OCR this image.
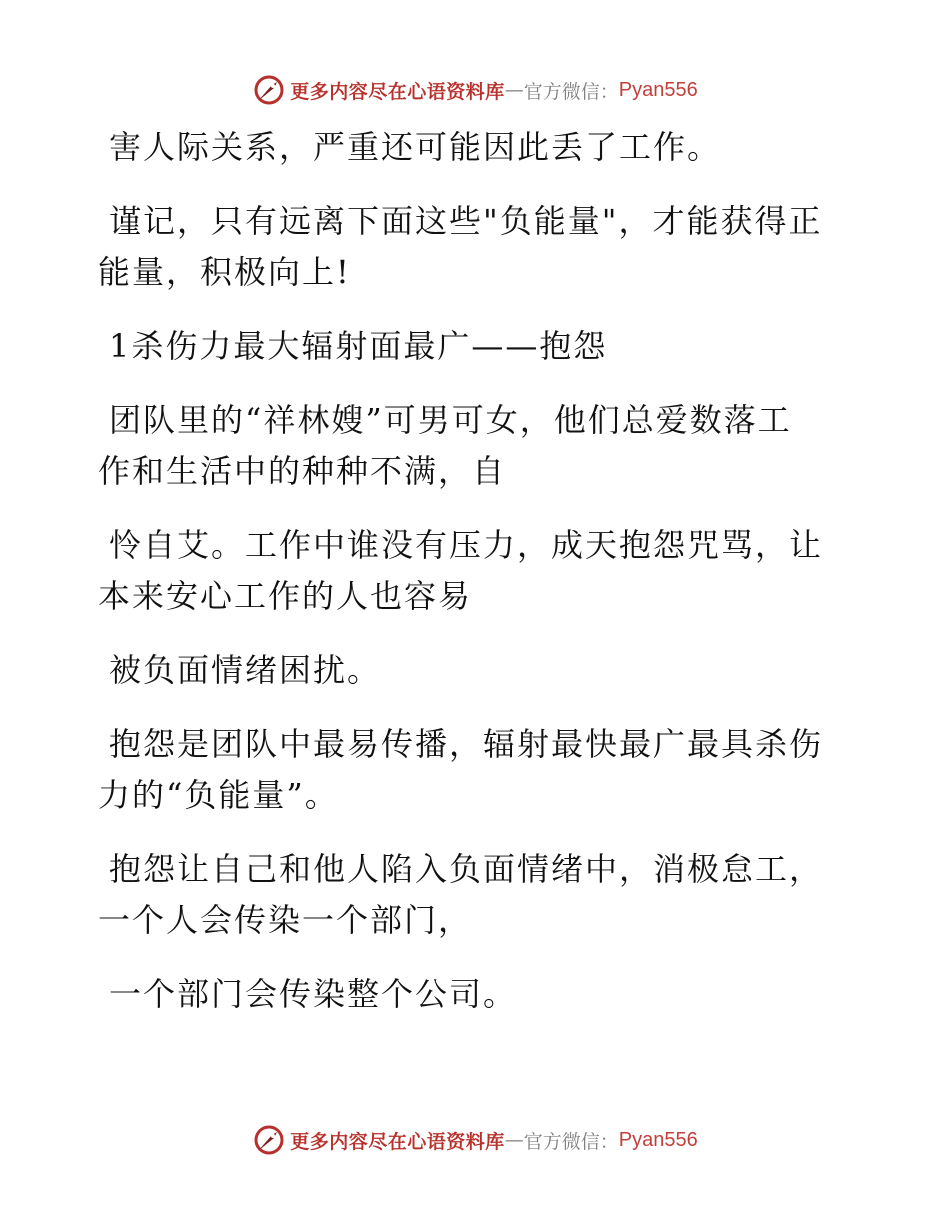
更多内容尽在心语资料库 — 官方微信： Pyan556

害人际关系，严重还可能因此丢了工作。

谨记，只有远离下面这些"负能量"，才能获得正
能量，积极向上!

1杀伤力最大辐射面最广——抱怨

团队里的“祥林嫂”可男可女，他们总爱数落工
作和生活中的种种不满，自

怜自艾。工作中谁没有压力，成天抱怨咒骂，让
本来安心工作的人也容易

被负面情绪困扰。

抱怨是团队中最易传播，辐射最快最广最具杀伤
力的“负能量”。

抱怨让自己和他人陷入负面情绪中，消极怠工，
一个人会传染一个部门，

一个部门会传染整个公司。

更多内容尽在心语资料库 — 官方微信： Pyan556
